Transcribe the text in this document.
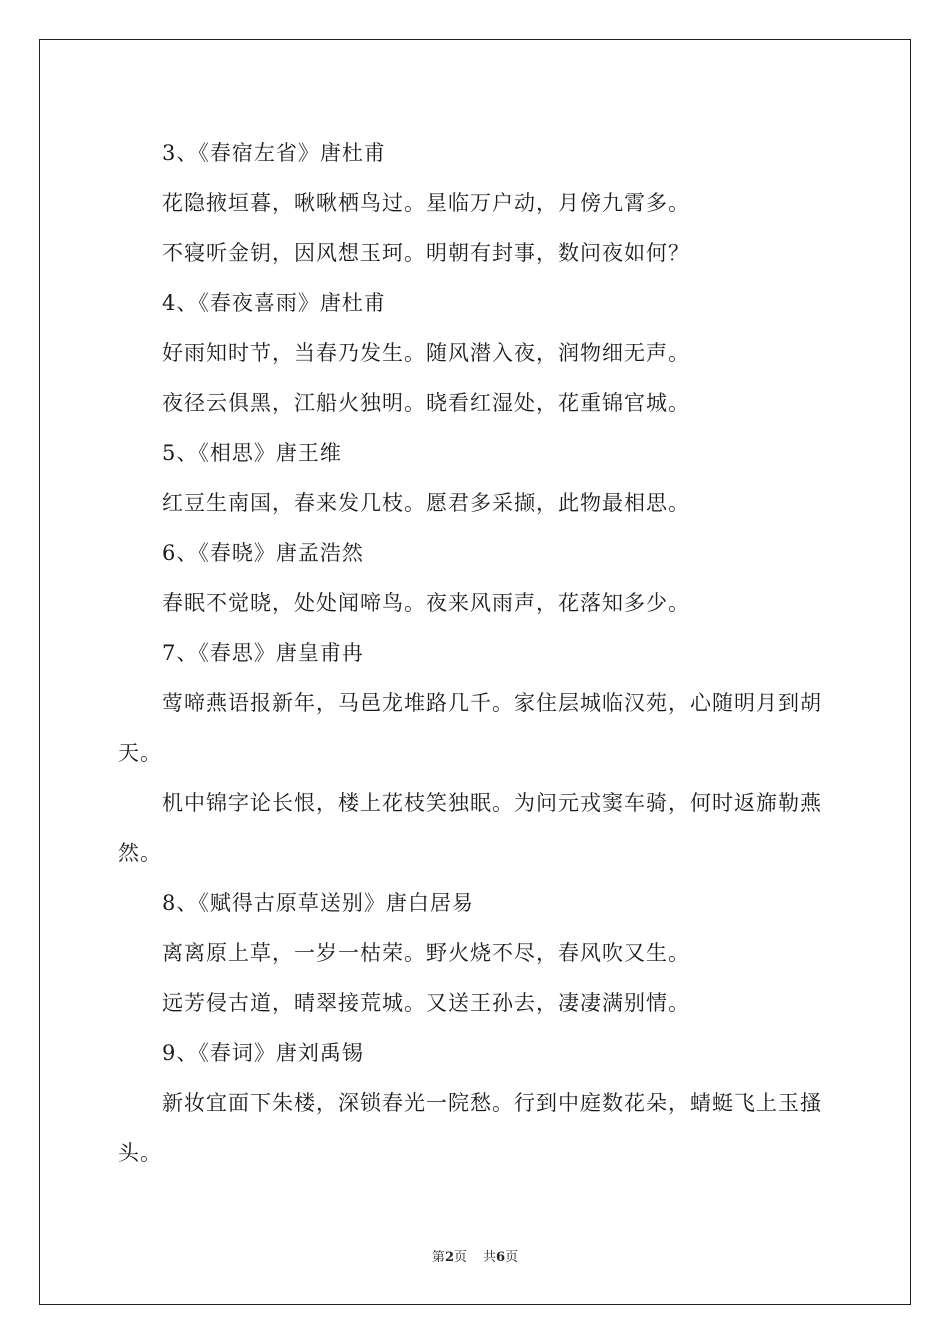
3、《春宿左省》唐杜甫
花隐掖垣暮，啾啾栖鸟过。星临万户动，月傍九霄多。
不寝听金钥，因风想玉珂。明朝有封事，数问夜如何？
4、《春夜喜雨》唐杜甫
好雨知时节，当春乃发生。随风潜入夜，润物细无声。
夜径云俱黑，江船火独明。晓看红湿处，花重锦官城。
5、《相思》唐王维
红豆生南国，春来发几枝。愿君多采撷，此物最相思。
6、《春晓》唐孟浩然
春眠不觉晓，处处闻啼鸟。夜来风雨声，花落知多少。
7、《春思》唐皇甫冉
莺啼燕语报新年，马邑龙堆路几千。家住层城临汉苑，心随明月到胡天。
机中锦字论长恨，楼上花枝笑独眠。为问元戎窦车骑，何时返旆勒燕然。
8、《赋得古原草送别》唐白居易
离离原上草，一岁一枯荣。野火烧不尽，春风吹又生。
远芳侵古道，晴翠接荒城。又送王孙去，凄凄满别情。
9、《春词》唐刘禹锡
新妆宜面下朱楼，深锁春光一院愁。行到中庭数花朵，蜻蜓飞上玉搔头。
第2页 共6页
